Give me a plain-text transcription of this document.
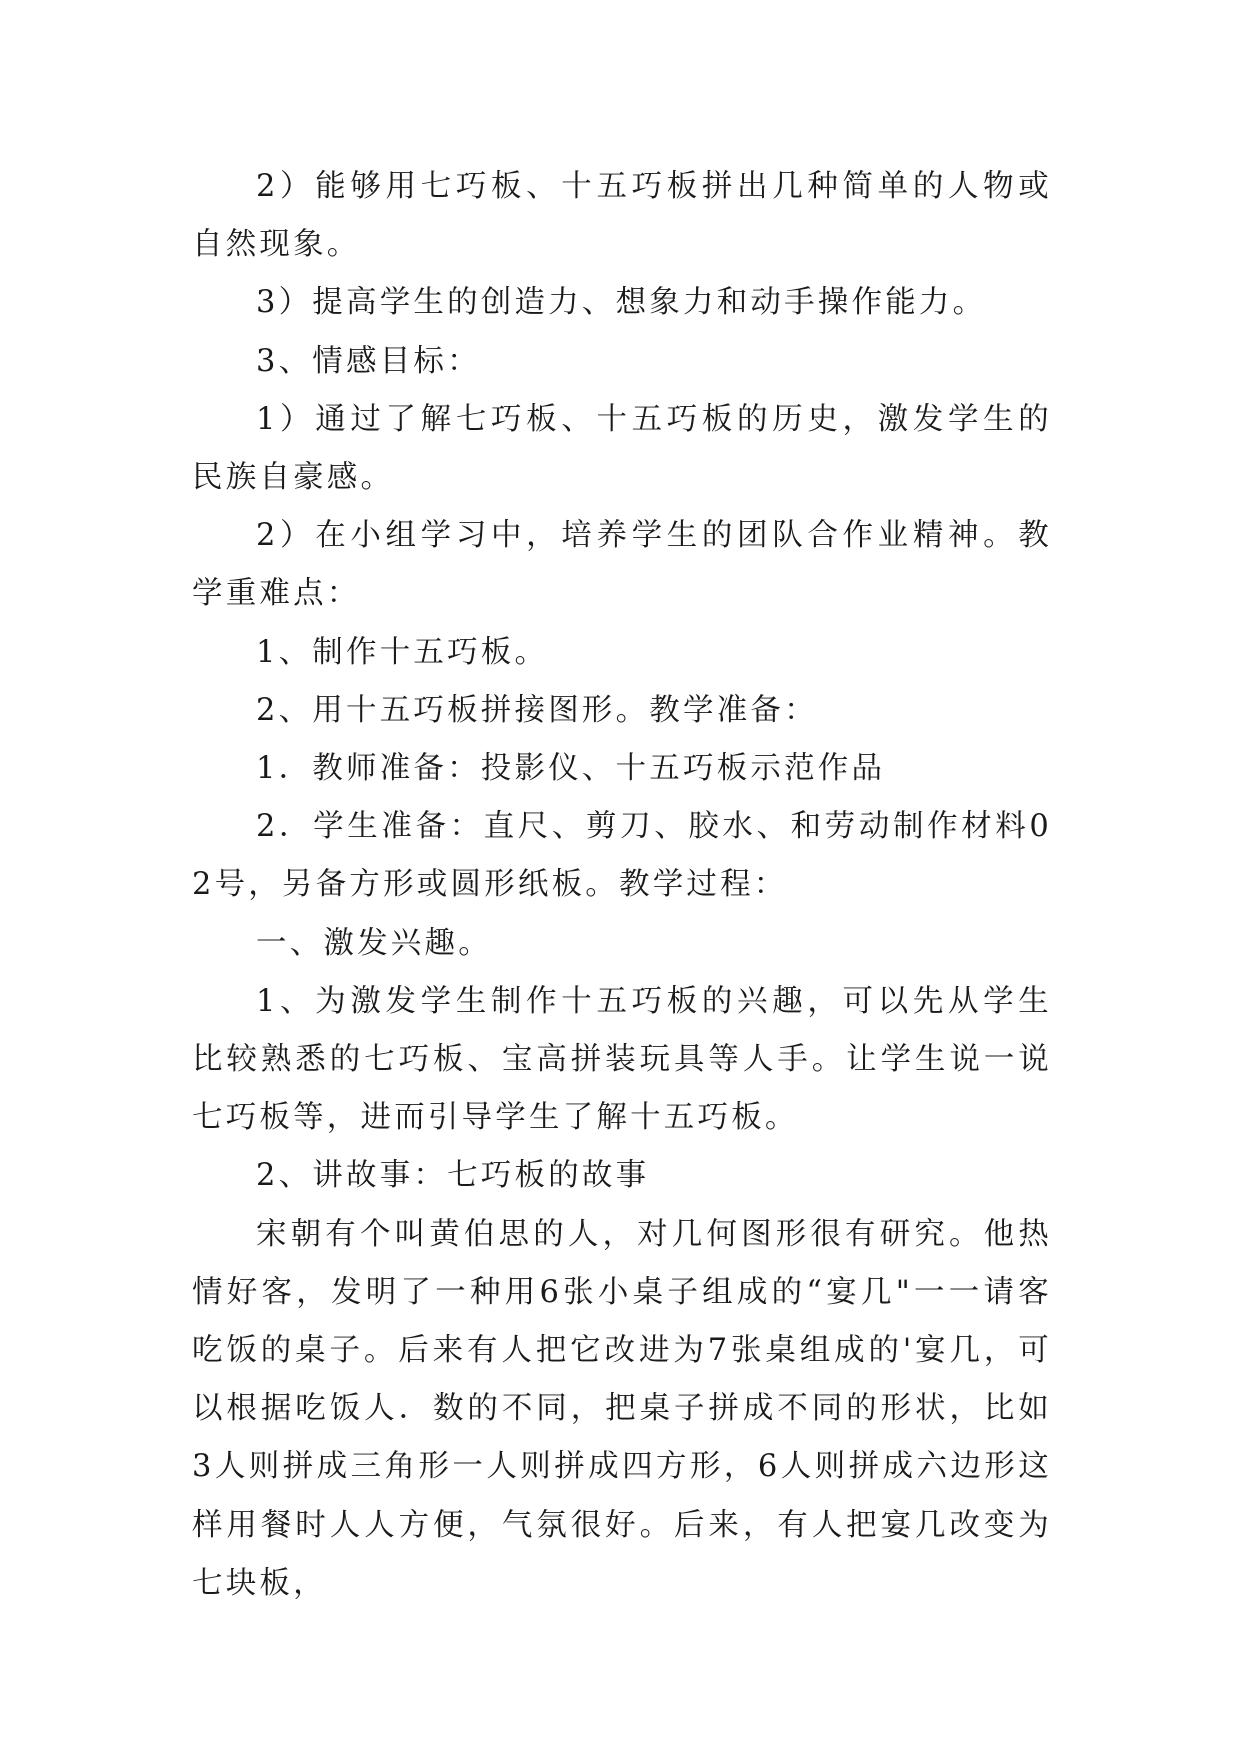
2）能够用七巧板、十五巧板拼出几种简单的人物或自然现象。

3）提高学生的创造力、想象力和动手操作能力。

3、情感目标：

1）通过了解七巧板、十五巧板的历史，激发学生的民族自豪感。

2）在小组学习中，培养学生的团队合作业精神。教学重难点：

1、制作十五巧板。

2、用十五巧板拼接图形。教学准备：

1．教师准备：投影仪、十五巧板示范作品

2．学生准备：直尺、剪刀、胶水、和劳动制作材料02号，另备方形或圆形纸板。教学过程：

一、激发兴趣。

1、为激发学生制作十五巧板的兴趣，可以先从学生比较熟悉的七巧板、宝高拼装玩具等人手。让学生说一说七巧板等，进而引导学生了解十五巧板。

2、讲故事：七巧板的故事

宋朝有个叫黄伯思的人，对几何图形很有研究。他热情好客，发明了一种用6张小桌子组成的“宴几"一一请客吃饭的桌子。后来有人把它改进为7张桌组成的'宴几，可以根据吃饭人．数的不同，把桌子拼成不同的形状，比如3人则拼成三角形一人则拼成四方形，6人则拼成六边形这样用餐时人人方便，气氛很好。后来，有人把宴几改变为七块板，
